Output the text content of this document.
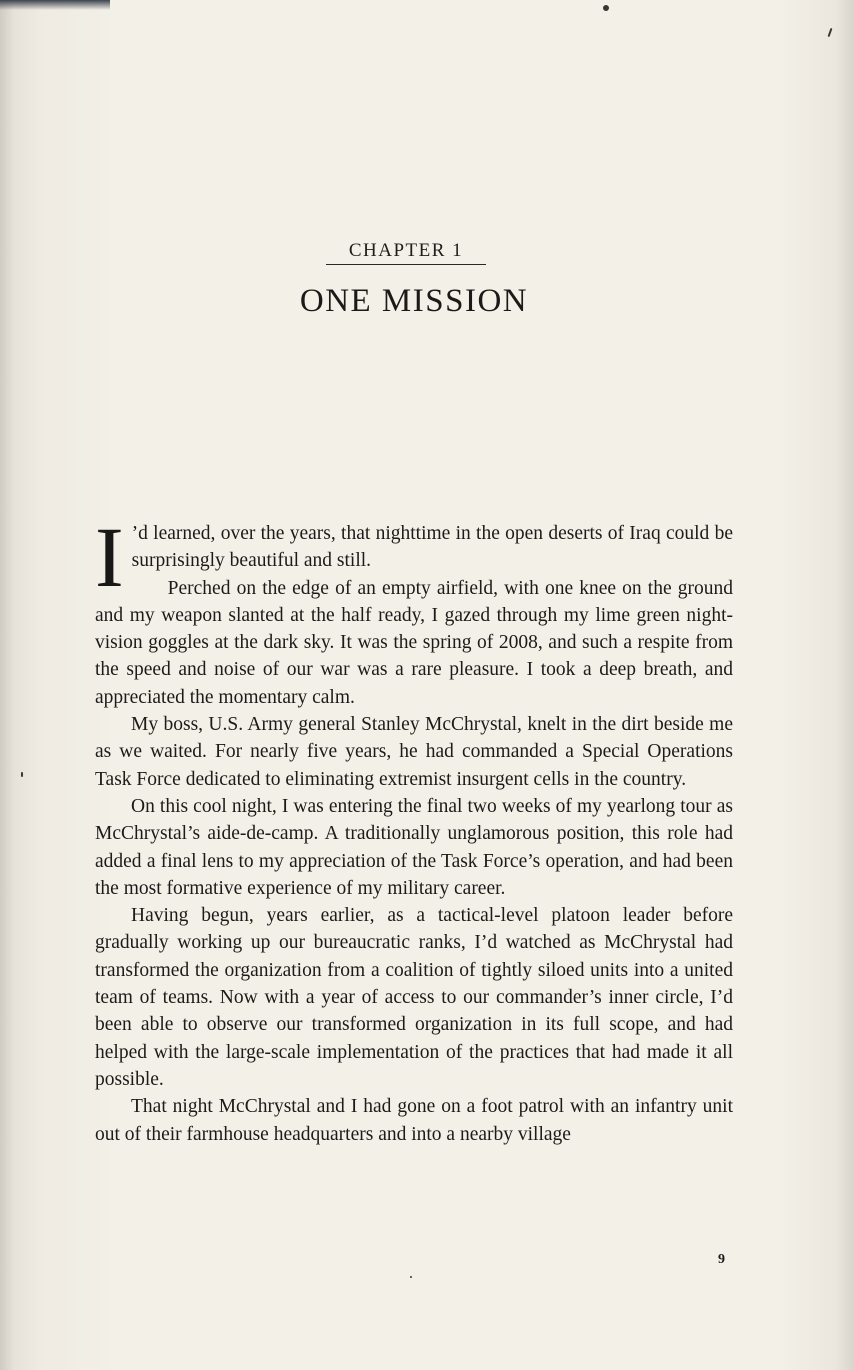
CHAPTER 1
ONE MISSION

I ’d learned, over the years, that nighttime in the open deserts of Iraq could be surprisingly beautiful and still.

Perched on the edge of an empty airfield, with one knee on the ground and my weapon slanted at the half ready, I gazed through my lime green night-vision goggles at the dark sky. It was the spring of 2008, and such a respite from the speed and noise of our war was a rare pleasure. I took a deep breath, and appreciated the momentary calm.

My boss, U.S. Army general Stanley McChrystal, knelt in the dirt beside me as we waited. For nearly five years, he had commanded a Special Operations Task Force dedicated to eliminating extremist insurgent cells in the country.

On this cool night, I was entering the final two weeks of my yearlong tour as McChrystal’s aide-de-camp. A traditionally unglamorous position, this role had added a final lens to my appreciation of the Task Force’s operation, and had been the most formative experience of my military career.

Having begun, years earlier, as a tactical-level platoon leader before gradually working up our bureaucratic ranks, I’d watched as McChrystal had transformed the organization from a coalition of tightly siloed units into a united team of teams. Now with a year of access to our commander’s inner circle, I’d been able to observe our transformed organization in its full scope, and had helped with the large-scale implementation of the practices that had made it all possible.

That night McChrystal and I had gone on a foot patrol with an infantry unit out of their farmhouse headquarters and into a nearby village

9
